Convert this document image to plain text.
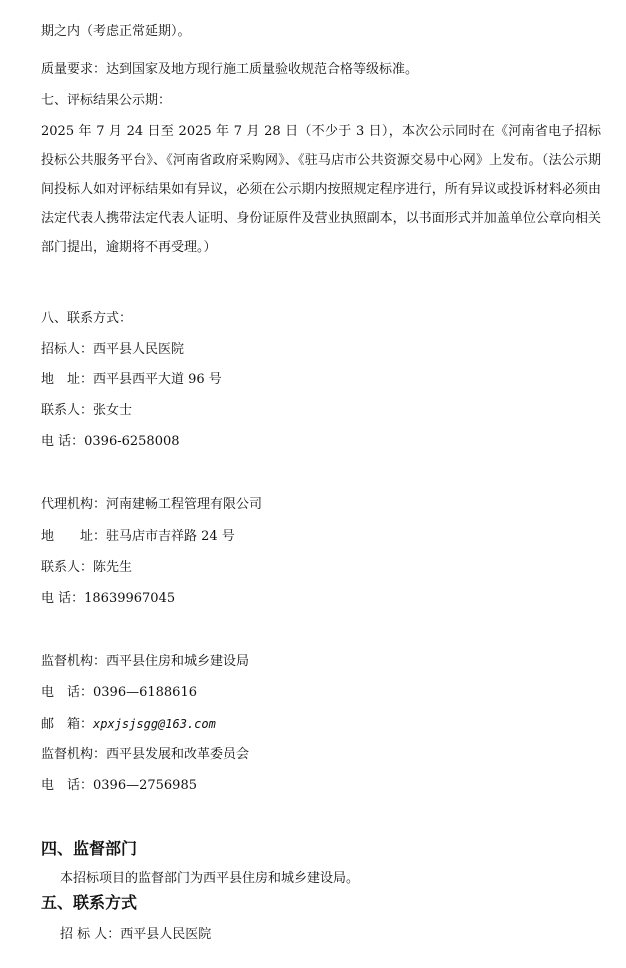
期之内（考虑正常延期）。
质量要求：达到国家及地方现行施工质量验收规范合格等级标准。
七、评标结果公示期：
2025 年 7 月 24 日至 2025 年 7 月 28 日（不少于 3 日），本次公示同时在《河南省电子招标投标公共服务平台》、《河南省政府采购网》、《驻马店市公共资源交易中心网》上发布。（法公示期间投标人如对评标结果如有异议，必须在公示期内按照规定程序进行，所有异议或投诉材料必须由法定代表人携带法定代表人证明、身份证原件及营业执照副本，以书面形式并加盖单位公章向相关部门提出，逾期将不再受理。）
八、联系方式：
招标人：西平县人民医院
地　址：西平县西平大道 96 号
联系人：张女士
电 话：0396-6258008
代理机构：河南建畅工程管理有限公司
地　　址：驻马店市吉祥路 24 号
联系人：陈先生
电 话：18639967045
监督机构：西平县住房和城乡建设局
电　话：0396—6188616
邮　箱：xpxjsjsgg@163.com
监督机构：西平县发展和改革委员会
电　话：0396—2756985
四、监督部门
本招标项目的监督部门为西平县住房和城乡建设局。
五、联系方式
招 标 人：西平县人民医院
